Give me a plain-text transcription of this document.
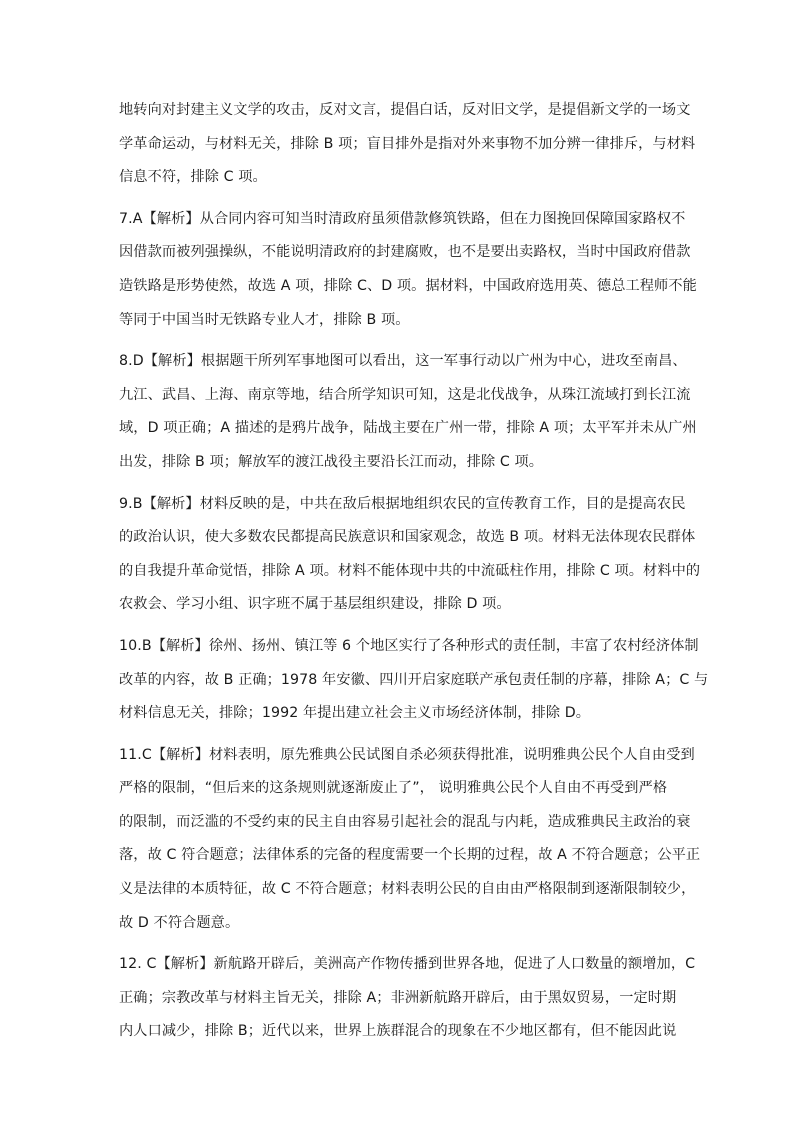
地转向对封建主义文学的攻击，反对文言，提倡白话，反对旧文学，是提倡新文学的一场文
学革命运动，与材料无关，排除 B 项；盲目排外是指对外来事物不加分辨一律排斥，与材料
信息不符，排除 C 项。
7.A【解析】从合同内容可知当时清政府虽须借款修筑铁路，但在力图挽回保障国家路权不
因借款而被列强操纵，不能说明清政府的封建腐败，也不是要出卖路权，当时中国政府借款
造铁路是形势使然，故选 A 项，排除 C、D 项。据材料，中国政府选用英、德总工程师不能
等同于中国当时无铁路专业人才，排除 B 项。
8.D【解析】根据题干所列军事地图可以看出，这一军事行动以广州为中心，进攻至南昌、
九江、武昌、上海、南京等地，结合所学知识可知，这是北伐战争，从珠江流域打到长江流
域，D 项正确；A 描述的是鸦片战争，陆战主要在广州一带，排除 A 项；太平军并未从广州
出发，排除 B 项；解放军的渡江战役主要沿长江而动，排除 C 项。
9.B【解析】材料反映的是，中共在敌后根据地组织农民的宣传教育工作，目的是提高农民
的政治认识，使大多数农民都提高民族意识和国家观念，故选 B 项。材料无法体现农民群体
的自我提升革命觉悟，排除 A 项。材料不能体现中共的中流砥柱作用，排除 C 项。材料中的
农救会、学习小组、识字班不属于基层组织建设，排除 D 项。
10.B【解析】徐州、扬州、镇江等 6 个地区实行了各种形式的责任制，丰富了农村经济体制
改革的内容，故 B 正确；1978 年安徽、四川开启家庭联产承包责任制的序幕，排除 A；C 与
材料信息无关，排除；1992 年提出建立社会主义市场经济体制，排除 D。
11.C【解析】材料表明，原先雅典公民试图自杀必须获得批准，说明雅典公民个人自由受到
严格的限制，“但后来的这条规则就逐渐废止了”， 说明雅典公民个人自由不再受到严格
的限制，而泛滥的不受约束的民主自由容易引起社会的混乱与内耗，造成雅典民主政治的衰
落，故 C 符合题意；法律体系的完备的程度需要一个长期的过程，故 A 不符合题意；公平正
义是法律的本质特征，故 C 不符合题意；材料表明公民的自由由严格限制到逐渐限制较少，
故 D 不符合题意。
12. C【解析】新航路开辟后，美洲高产作物传播到世界各地，促进了人口数量的额增加，C
正确；宗教改革与材料主旨无关，排除 A；非洲新航路开辟后，由于黑奴贸易，一定时期
内人口减少，排除 B；近代以来，世界上族群混合的现象在不少地区都有，但不能因此说
